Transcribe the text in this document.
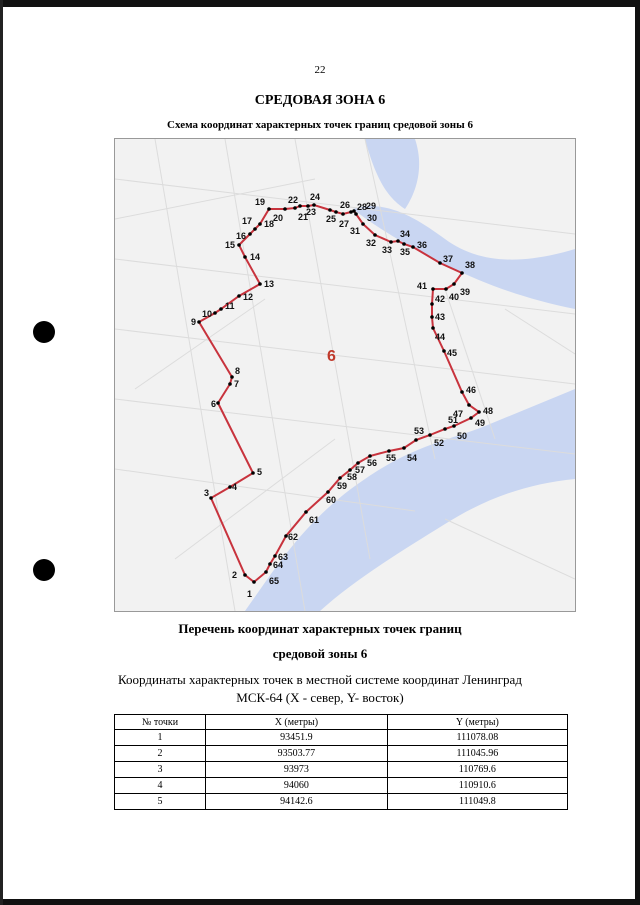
22
СРЕДОВАЯ ЗОНА 6
Схема координат характерных точек границ средовой зоны 6
1
2
3
4
5
6
7
8
9
10
11
12
13
14
15
16
17 18
19
20 21
22
23
24
25
26
27
28
29
30
31
32
33
34
35
36
37
38
39
40
41
42
43
44
45
46
47 48
49
50
51
52
53
54
55
56
57
58
59
60
61
62
63
64
65
6
Перечень координат характерных точек границ
средовой зоны 6
Координаты характерных точек в местной системе координат Ленинград
МСК-64 (Х - север, Y- восток)
№ точки	X (метры)	Y (метры)
1	93451.9	111078.08
2	93503.77	111045.96
3	93973	110769.6
4	94060	110910.6
5	94142.6	111049.8
